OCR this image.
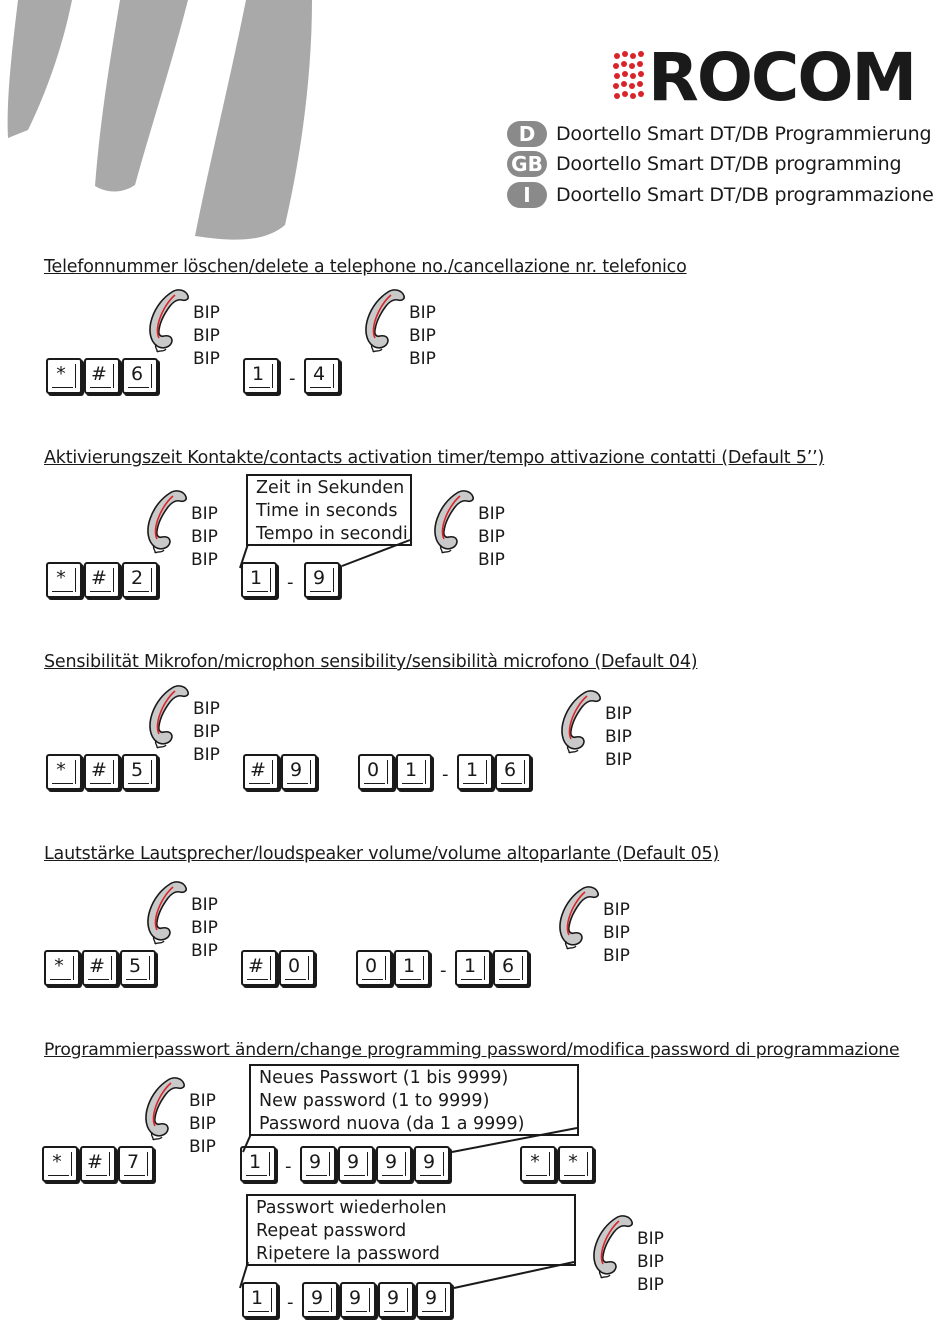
ROCOM
D	Doortello Smart DT/DB Programmierung
GB Doortello Smart DT/DB programming
I	Doortello Smart DT/DB programmazione
Telefonnummer löschen/delete a telephone no./cancellazione nr. telefonico
BIP
BIP
BIP
*	#	6	1	- 4
BIP
BIP
BIP
Aktivierungszeit Kontakte/contacts activation timer/tempo attivazione contatti (Default 5’’)
BIP
BIP
BIP
Zeit in Sekunden
Time in seconds
Tempo in secondi
*	#	2	1	-	9
BIP
BIP
BIP
Sensibilität Mikrofon/microphon sensibility/sensibilità microfono (Default 04)
BIP
BIP
BIP
*	#	5	#	9	0	1	- 1	6
BIP
BIP
BIP
Lautstärke Lautsprecher/loudspeaker volume/volume altoparlante (Default 05)
BIP
BIP
BIP
*	#	5	#	0	0	1	- 1	6
BIP
BIP
BIP
Programmierpasswort ändern/change programming password/modifica password di programmazione
Neues Passwort (1 bis 9999)
New password (1 to 9999)
Password nuova (da 1 a 9999)
BIP
BIP
BIP
*	#	7	1	- 9	9	9	9	*	*
Passwort wiederholen
Repeat password
Ripetere la password
1	- 9	9	9	9
BIP
BIP
BIP
